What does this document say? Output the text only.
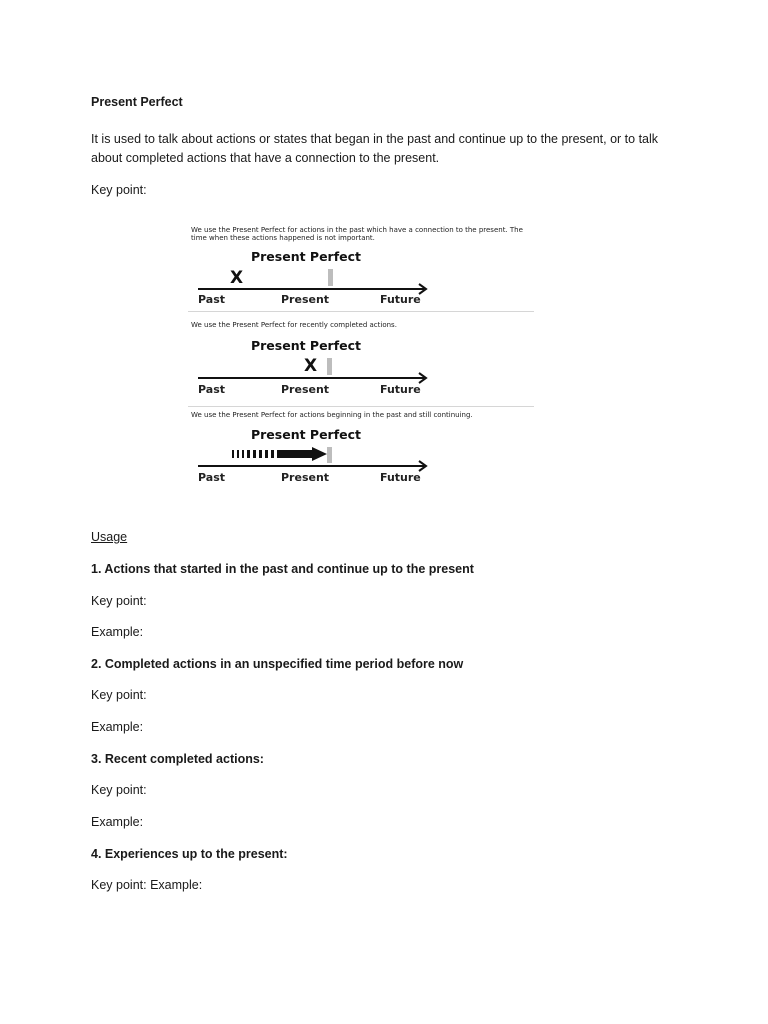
Present Perfect

It is used to talk about actions or states that began in the past and continue up to the present, or to talk about completed actions that have a connection to the present.

Key point:

We use the Present Perfect for actions in the past which have a connection to the present. The time when these actions happened is not important.
Present Perfect
X
Past	Present	Future
We use the Present Perfect for recently completed actions.
Present Perfect
X
Past	Present	Future
We use the Present Perfect for actions beginning in the past and still continuing.
Present Perfect
Past	Present	Future

Usage

1. Actions that started in the past and continue up to the present

Key point:

Example:

2. Completed actions in an unspecified time period before now

Key point:

Example:

3. Recent completed actions:

Key point:

Example:

4. Experiences up to the present:

Key point: Example:
